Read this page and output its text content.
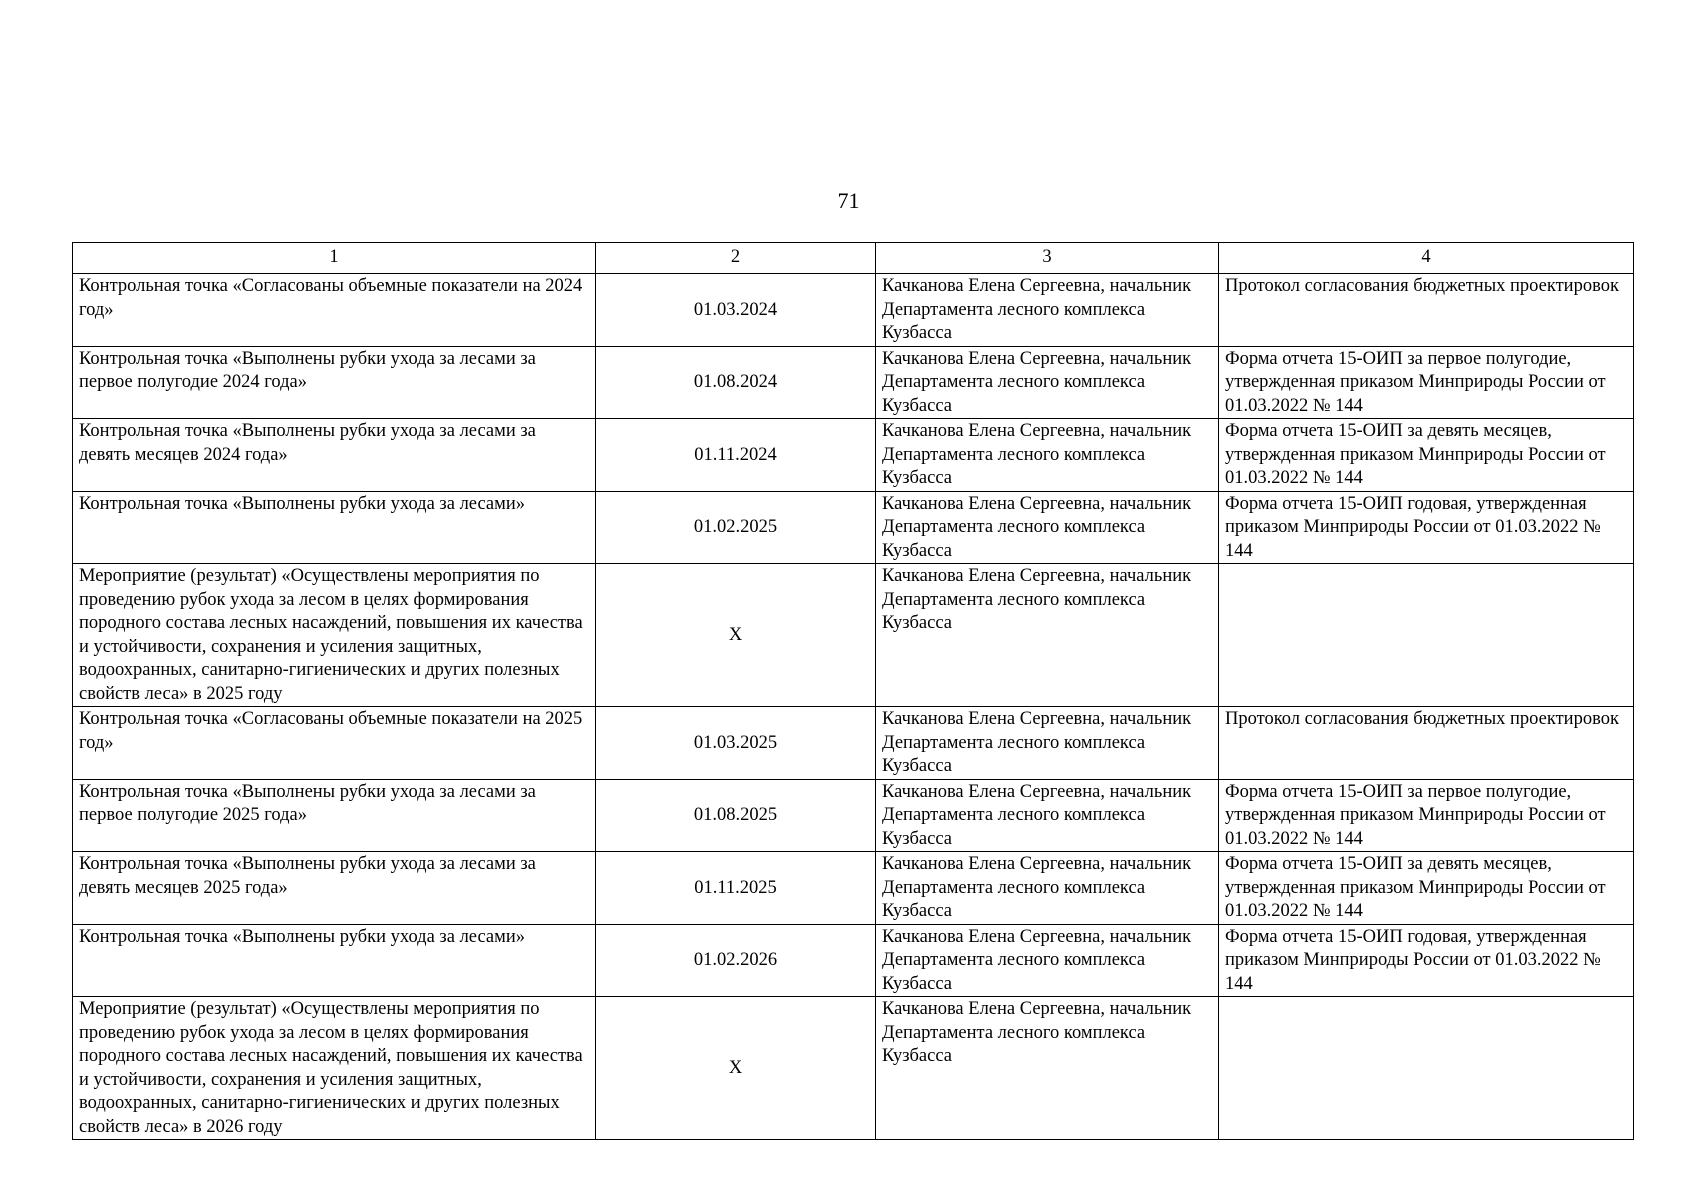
71
1	2	3	4
Контрольная точка «Согласованы объемные показатели на 2024 год»	01.03.2024	Качканова Елена Сергеевна, начальник Департамента лесного комплекса Кузбасса	Протокол согласования бюджетных проектировок
Контрольная точка «Выполнены рубки ухода за лесами за первое полугодие 2024 года»	01.08.2024	Качканова Елена Сергеевна, начальник Департамента лесного комплекса Кузбасса	Форма отчета 15-ОИП за первое полугодие, утвержденная приказом Минприроды России от 01.03.2022 № 144
Контрольная точка «Выполнены рубки ухода за лесами за девять месяцев 2024 года»	01.11.2024	Качканова Елена Сергеевна, начальник Департамента лесного комплекса Кузбасса	Форма отчета 15-ОИП за девять месяцев, утвержденная приказом Минприроды России от 01.03.2022 № 144
Контрольная точка «Выполнены рубки ухода за лесами»	01.02.2025	Качканова Елена Сергеевна, начальник Департамента лесного комплекса Кузбасса	Форма отчета 15-ОИП годовая, утвержденная приказом Минприроды России от 01.03.2022 № 144
Мероприятие (результат) «Осуществлены мероприятия по проведению рубок ухода за лесом в целях формирования породного состава лесных насаждений, повышения их качества и устойчивости, сохранения и усиления защитных, водоохранных, санитарно-гигиенических и других полезных свойств леса» в 2025 году	Х	Качканова Елена Сергеевна, начальник Департамента лесного комплекса Кузбасса	
Контрольная точка «Согласованы объемные показатели на 2025 год»	01.03.2025	Качканова Елена Сергеевна, начальник Департамента лесного комплекса Кузбасса	Протокол согласования бюджетных проектировок
Контрольная точка «Выполнены рубки ухода за лесами за первое полугодие 2025 года»	01.08.2025	Качканова Елена Сергеевна, начальник Департамента лесного комплекса Кузбасса	Форма отчета 15-ОИП за первое полугодие, утвержденная приказом Минприроды России от 01.03.2022 № 144
Контрольная точка «Выполнены рубки ухода за лесами за девять месяцев 2025 года»	01.11.2025	Качканова Елена Сергеевна, начальник Департамента лесного комплекса Кузбасса	Форма отчета 15-ОИП за девять месяцев, утвержденная приказом Минприроды России от 01.03.2022 № 144
Контрольная точка «Выполнены рубки ухода за лесами»	01.02.2026	Качканова Елена Сергеевна, начальник Департамента лесного комплекса Кузбасса	Форма отчета 15-ОИП годовая, утвержденная приказом Минприроды России от 01.03.2022 № 144
Мероприятие (результат) «Осуществлены мероприятия по проведению рубок ухода за лесом в целях формирования породного состава лесных насаждений, повышения их качества и устойчивости, сохранения и усиления защитных, водоохранных, санитарно-гигиенических и других полезных свойств леса» в 2026 году	Х	Качканова Елена Сергеевна, начальник Департамента лесного комплекса Кузбасса	
